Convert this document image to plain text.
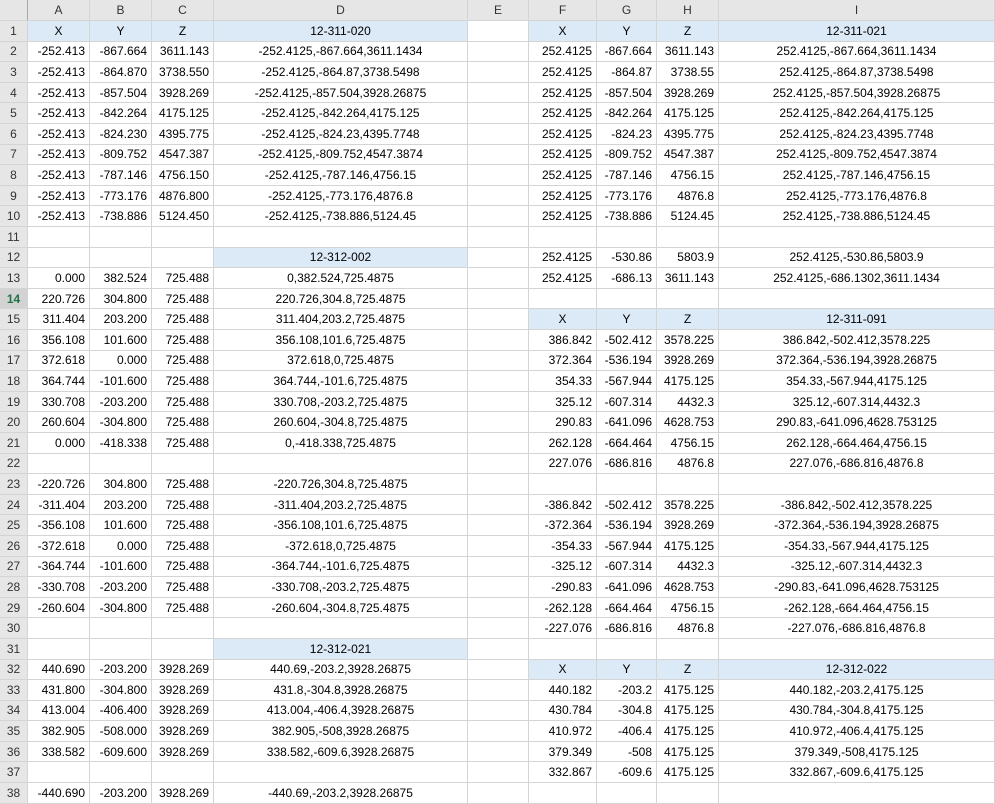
	A	B	C	D	E	F	G	H	I
1	X	Y	Z	12-311-020		X	Y	Z	12-311-021
2	-252.413	-867.664	3611.143	-252.4125,-867.664,3611.1434		252.4125	-867.664	3611.143	252.4125,-867.664,3611.1434
3	-252.413	-864.870	3738.550	-252.4125,-864.87,3738.5498		252.4125	-864.87	3738.55	252.4125,-864.87,3738.5498
4	-252.413	-857.504	3928.269	-252.4125,-857.504,3928.26875		252.4125	-857.504	3928.269	252.4125,-857.504,3928.26875
5	-252.413	-842.264	4175.125	-252.4125,-842.264,4175.125		252.4125	-842.264	4175.125	252.4125,-842.264,4175.125
6	-252.413	-824.230	4395.775	-252.4125,-824.23,4395.7748		252.4125	-824.23	4395.775	252.4125,-824.23,4395.7748
7	-252.413	-809.752	4547.387	-252.4125,-809.752,4547.3874		252.4125	-809.752	4547.387	252.4125,-809.752,4547.3874
8	-252.413	-787.146	4756.150	-252.4125,-787.146,4756.15		252.4125	-787.146	4756.15	252.4125,-787.146,4756.15
9	-252.413	-773.176	4876.800	-252.4125,-773.176,4876.8		252.4125	-773.176	4876.8	252.4125,-773.176,4876.8
10	-252.413	-738.886	5124.450	-252.4125,-738.886,5124.45		252.4125	-738.886	5124.45	252.4125,-738.886,5124.45
11									
12				12-312-002		252.4125	-530.86	5803.9	252.4125,-530.86,5803.9
13	0.000	382.524	725.488	0,382.524,725.4875		252.4125	-686.13	3611.143	252.4125,-686.1302,3611.1434
14	220.726	304.800	725.488	220.726,304.8,725.4875					
15	311.404	203.200	725.488	311.404,203.2,725.4875		X	Y	Z	12-311-091
16	356.108	101.600	725.488	356.108,101.6,725.4875		386.842	-502.412	3578.225	386.842,-502.412,3578.225
17	372.618	0.000	725.488	372.618,0,725.4875		372.364	-536.194	3928.269	372.364,-536.194,3928.26875
18	364.744	-101.600	725.488	364.744,-101.6,725.4875		354.33	-567.944	4175.125	354.33,-567.944,4175.125
19	330.708	-203.200	725.488	330.708,-203.2,725.4875		325.12	-607.314	4432.3	325.12,-607.314,4432.3
20	260.604	-304.800	725.488	260.604,-304.8,725.4875		290.83	-641.096	4628.753	290.83,-641.096,4628.753125
21	0.000	-418.338	725.488	0,-418.338,725.4875		262.128	-664.464	4756.15	262.128,-664.464,4756.15
22						227.076	-686.816	4876.8	227.076,-686.816,4876.8
23	-220.726	304.800	725.488	-220.726,304.8,725.4875					
24	-311.404	203.200	725.488	-311.404,203.2,725.4875		-386.842	-502.412	3578.225	-386.842,-502.412,3578.225
25	-356.108	101.600	725.488	-356.108,101.6,725.4875		-372.364	-536.194	3928.269	-372.364,-536.194,3928.26875
26	-372.618	0.000	725.488	-372.618,0,725.4875		-354.33	-567.944	4175.125	-354.33,-567.944,4175.125
27	-364.744	-101.600	725.488	-364.744,-101.6,725.4875		-325.12	-607.314	4432.3	-325.12,-607.314,4432.3
28	-330.708	-203.200	725.488	-330.708,-203.2,725.4875		-290.83	-641.096	4628.753	-290.83,-641.096,4628.753125
29	-260.604	-304.800	725.488	-260.604,-304.8,725.4875		-262.128	-664.464	4756.15	-262.128,-664.464,4756.15
30						-227.076	-686.816	4876.8	-227.076,-686.816,4876.8
31				12-312-021					
32	440.690	-203.200	3928.269	440.69,-203.2,3928.26875		X	Y	Z	12-312-022
33	431.800	-304.800	3928.269	431.8,-304.8,3928.26875		440.182	-203.2	4175.125	440.182,-203.2,4175.125
34	413.004	-406.400	3928.269	413.004,-406.4,3928.26875		430.784	-304.8	4175.125	430.784,-304.8,4175.125
35	382.905	-508.000	3928.269	382.905,-508,3928.26875		410.972	-406.4	4175.125	410.972,-406.4,4175.125
36	338.582	-609.600	3928.269	338.582,-609.6,3928.26875		379.349	-508	4175.125	379.349,-508,4175.125
37						332.867	-609.6	4175.125	332.867,-609.6,4175.125
38	-440.690	-203.200	3928.269	-440.69,-203.2,3928.26875					
